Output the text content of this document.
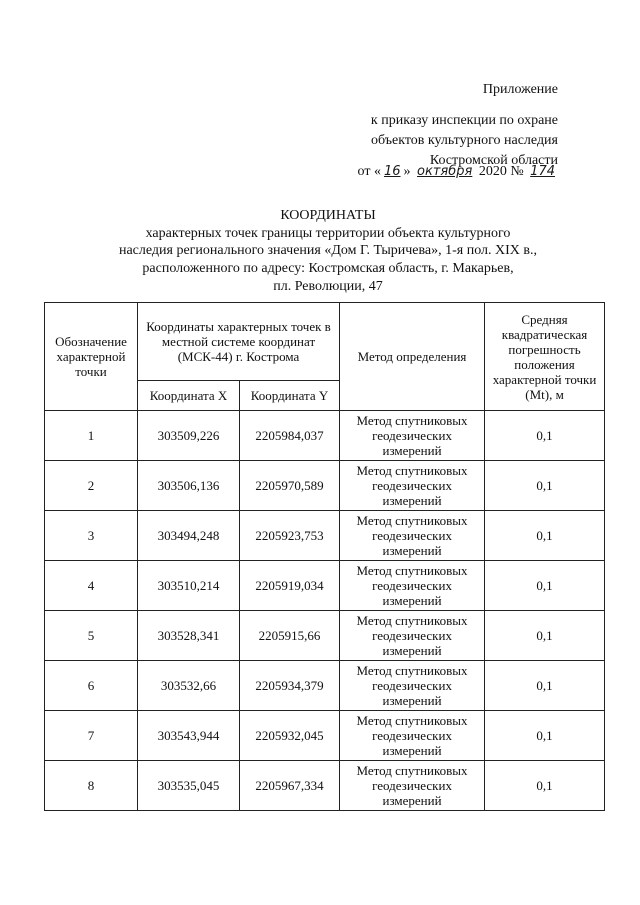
Приложение
к приказу инспекции по охране
объектов культурного наследия
Костромской области
от « 16 » октября 2020 № 174
КООРДИНАТЫ
характерных точек границы территории объекта культурного
наследия регионального значения «Дом Г. Тыричева», 1-я пол. XIX в.,
расположенного по адресу: Костромская область, г. Макарьев,
пл. Революции, 47
Обозначение характерной точки	Координаты характерных точек в местной системе координат (МСК-44) г. Кострома		Метод определения	Средняя квадратическая погрешность положения характерной точки (Mt), м
	Координата X	Координата Y		
1	303509,226	2205984,037	Метод спутниковых геодезических измерений	0,1
2	303506,136	2205970,589	Метод спутниковых геодезических измерений	0,1
3	303494,248	2205923,753	Метод спутниковых геодезических измерений	0,1
4	303510,214	2205919,034	Метод спутниковых геодезических измерений	0,1
5	303528,341	2205915,66	Метод спутниковых геодезических измерений	0,1
6	303532,66	2205934,379	Метод спутниковых геодезических измерений	0,1
7	303543,944	2205932,045	Метод спутниковых геодезических измерений	0,1
8	303535,045	2205967,334	Метод спутниковых геодезических измерений	0,1
